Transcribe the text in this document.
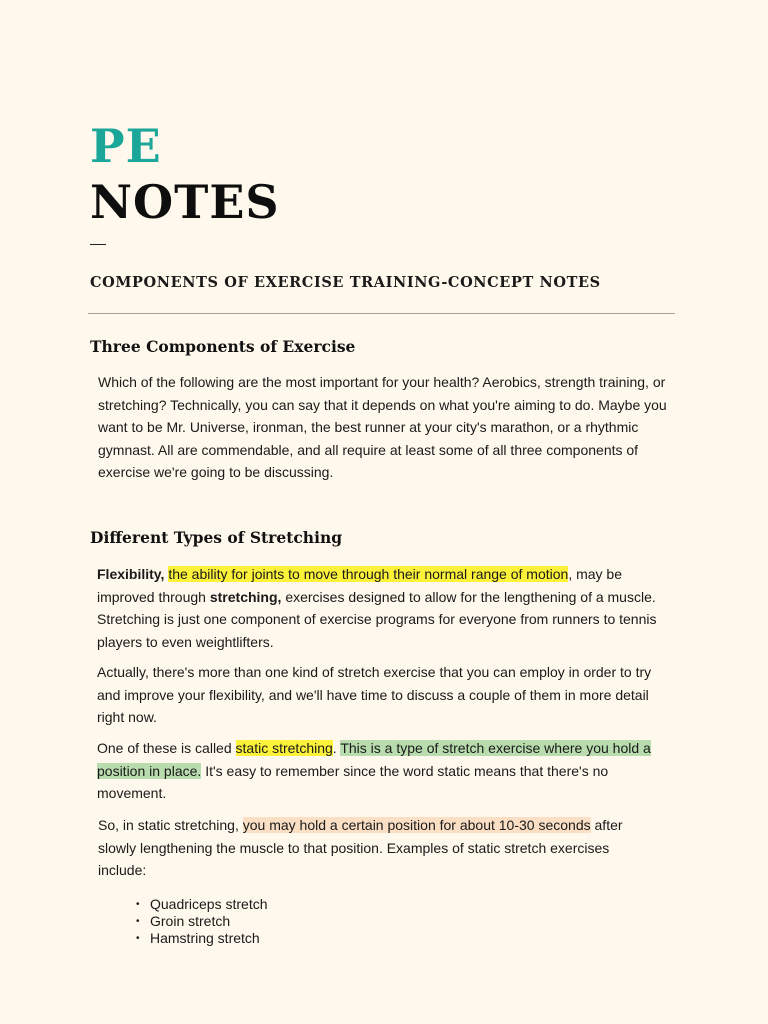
PE
NOTES
COMPONENTS OF EXERCISE TRAINING-CONCEPT NOTES
Three Components of Exercise
Which of the following are the most important for your health? Aerobics, strength training, or
stretching? Technically, you can say that it depends on what you're aiming to do. Maybe you
want to be Mr. Universe, ironman, the best runner at your city's marathon, or a rhythmic
gymnast. All are commendable, and all require at least some of all three components of
exercise we're going to be discussing.
Different Types of Stretching
Flexibility, the ability for joints to move through their normal range of motion, may be
improved through stretching, exercises designed to allow for the lengthening of a muscle.
Stretching is just one component of exercise programs for everyone from runners to tennis
players to even weightlifters.
Actually, there's more than one kind of stretch exercise that you can employ in order to try
and improve your flexibility, and we'll have time to discuss a couple of them in more detail
right now.
One of these is called static stretching. This is a type of stretch exercise where you hold a
position in place. It's easy to remember since the word static means that there's no
movement.
So, in static stretching, you may hold a certain position for about 10-30 seconds after
slowly lengthening the muscle to that position. Examples of static stretch exercises
include:
• Quadriceps stretch
• Groin stretch
• Hamstring stretch
